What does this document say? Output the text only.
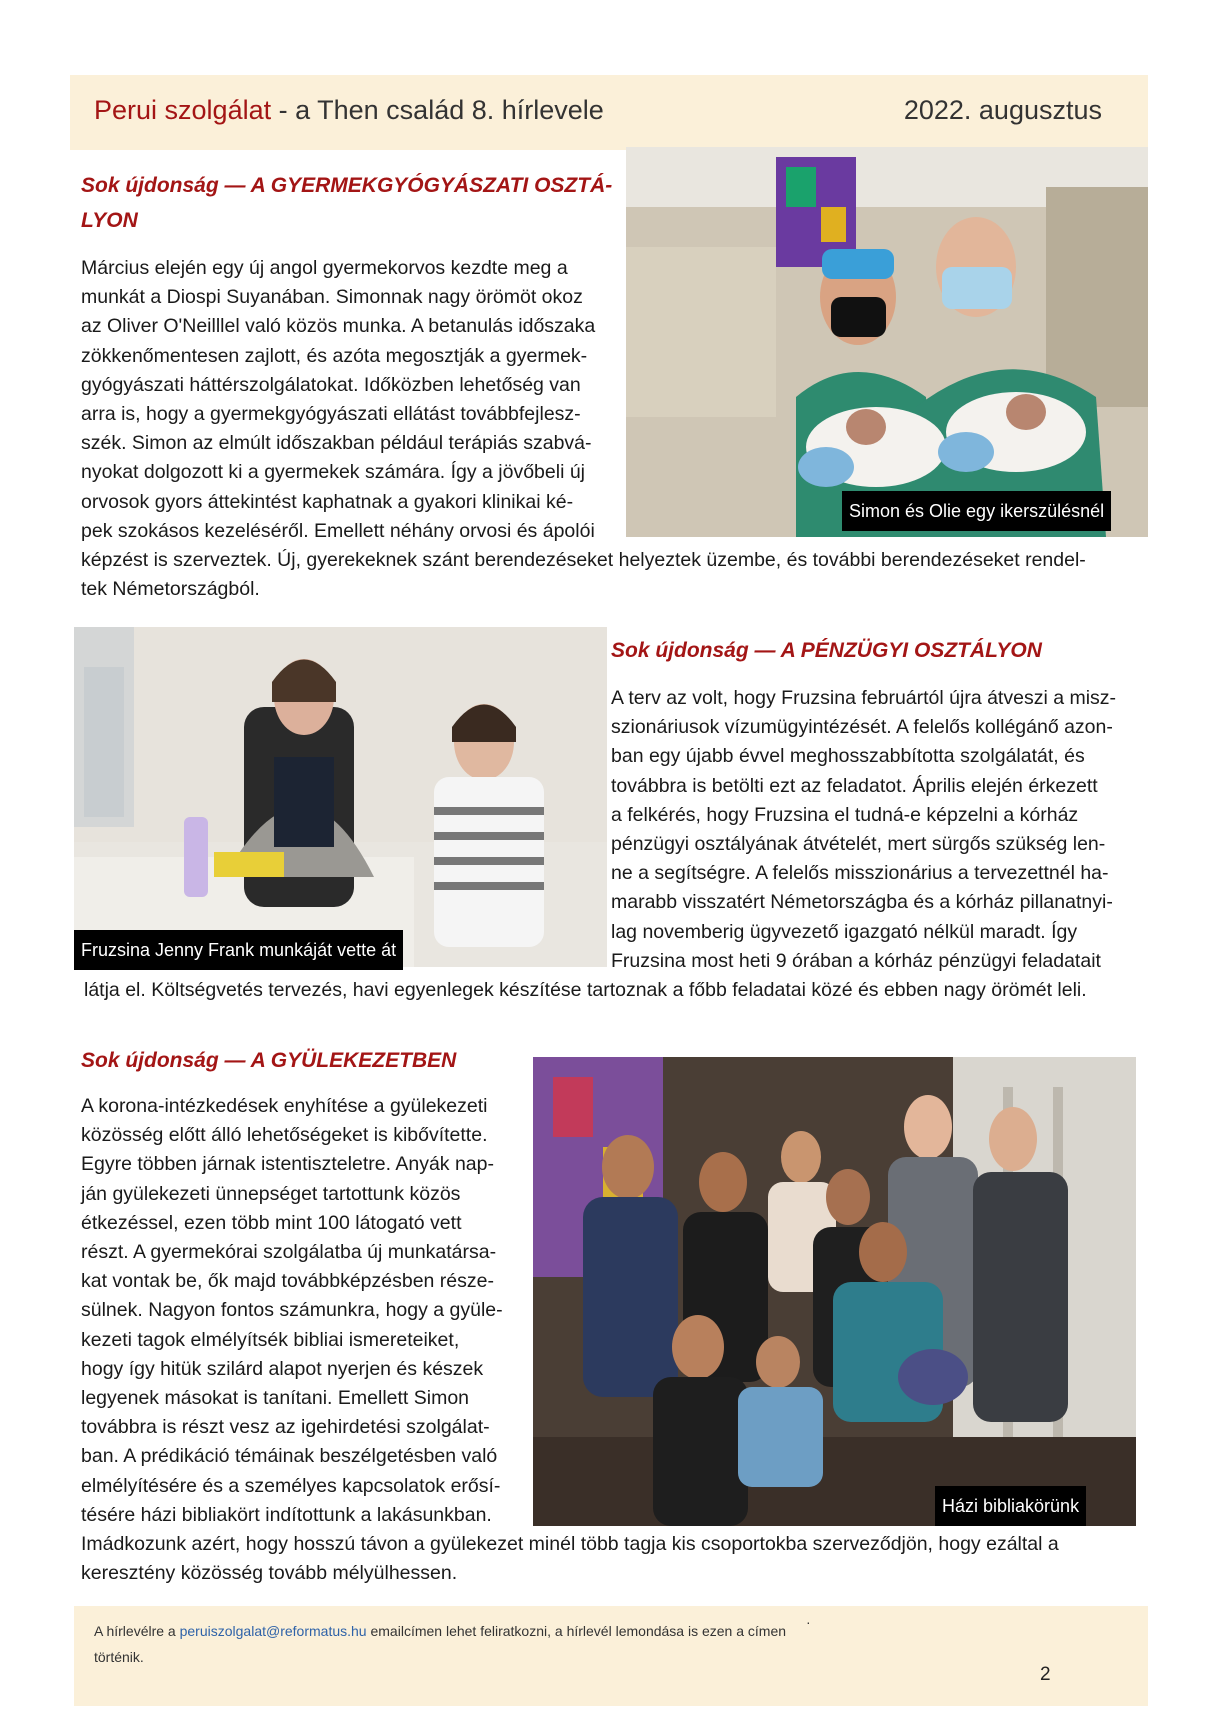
Perui szolgálat - a Then család 8. hírlevele	2022. augusztus
Sok újdonság — A GYERMEKGYÓGYÁSZATI OSZTÁ-
LYON
Március elején egy új angol gyermekorvos kezdte meg a
munkát a Diospi Suyanában. Simonnak nagy örömöt okoz
az Oliver O'Neilllel való közös munka. A betanulás időszaka
zökkenőmentesen zajlott, és azóta megosztják a gyermek-
gyógyászati háttérszolgálatokat. Időközben lehetőség van
arra is, hogy a gyermekgyógyászati ellátást továbbfejlesz-
szék. Simon az elmúlt időszakban például terápiás szabvá-
nyokat dolgozott ki a gyermekek számára. Így a jövőbeli új
orvosok gyors áttekintést kaphatnak a gyakori klinikai ké-
pek szokásos kezeléséről. Emellett néhány orvosi és ápolói
képzést is szerveztek. Új, gyerekeknek szánt berendezéseket helyeztek üzembe, és további berendezéseket rendel-
tek Németországból.
Simon és Olie egy ikerszülésnél
Fruzsina Jenny Frank munkáját vette át
Sok újdonság — A PÉNZÜGYI OSZTÁLYON
A terv az volt, hogy Fruzsina februártól újra átveszi a misz-
szionáriusok vízumügyintézését. A felelős kollégánő azon-
ban egy újabb évvel meghosszabbította szolgálatát, és
továbbra is betölti ezt az feladatot. Április elején érkezett
a felkérés, hogy Fruzsina el tudná-e képzelni a kórház
pénzügyi osztályának átvételét, mert sürgős szükség len-
ne a segítségre. A felelős misszionárius a tervezettnél ha-
marabb visszatért Németországba és a kórház pillanatnyi-
lag novemberig ügyvezető igazgató nélkül maradt. Így
Fruzsina most heti 9 órában a kórház pénzügyi feladatait
látja el. Költségvetés tervezés, havi egyenlegek készítése tartoznak a főbb feladatai közé és ebben nagy örömét leli.
Sok újdonság — A GYÜLEKEZETBEN
A korona-intézkedések enyhítése a gyülekezeti
közösség előtt álló lehetőségeket is kibővítette.
Egyre többen járnak istentiszteletre. Anyák nap-
ján gyülekezeti ünnepséget tartottunk közös
étkezéssel, ezen több mint 100 látogató vett
részt. A gyermekórai szolgálatba új munkatársa-
kat vontak be, ők majd továbbképzésben része-
sülnek. Nagyon fontos számunkra, hogy a gyüle-
kezeti tagok elmélyítsék bibliai ismereteiket,
hogy így hitük szilárd alapot nyerjen és készek
legyenek másokat is tanítani. Emellett Simon
továbbra is részt vesz az igehirdetési szolgálat-
ban. A prédikáció témáinak beszélgetésben való
elmélyítésére és a személyes kapcsolatok erősí-
tésére házi bibliakört indítottunk a lakásunkban.
Imádkozunk azért, hogy hosszú távon a gyülekezet minél több tagja kis csoportokba szerveződjön, hogy ezáltal a
keresztény közösség tovább mélyülhessen.
Házi bibliakörünk
A hírlevélre a peruiszolgalat@reformatus.hu emailcímen lehet feliratkozni, a hírlevél lemondása is ezen a címen történik.
·
2
